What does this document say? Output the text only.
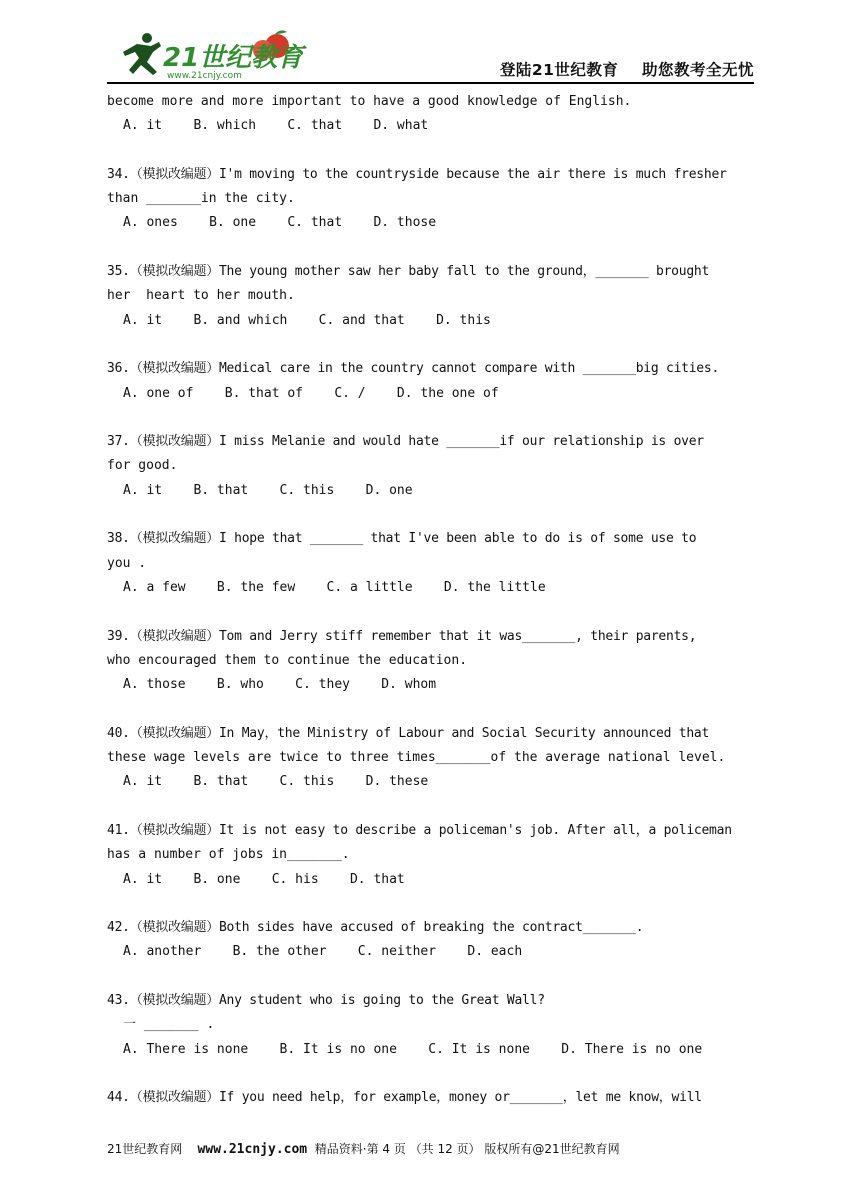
21世纪教育
www.21cnjy.com	登陆21世纪教育    助您教考全无忧
become more and more important to have a good knowledge of English.
A. it    B. which    C. that    D. what
34.（模拟改编题）I'm moving to the countryside because the air there is much fresher
than _______in the city.
A. ones    B. one    C. that    D. those
35.（模拟改编题）The young mother saw her baby fall to the ground，_______ brought
her  heart to her mouth.
A. it    B. and which    C. and that    D. this
36.（模拟改编题）Medical care in the country cannot compare with _______big cities.
A. one of    B. that of    C. /    D. the one of
37.（模拟改编题）I miss Melanie and would hate _______if our relationship is over
for good.
A. it    B. that    C. this    D. one
38.（模拟改编题）I hope that _______ that I've been able to do is of some use to
you .
A. a few    B. the few    C. a little    D. the little
39.（模拟改编题）Tom and Jerry stiff remember that it was_______, their parents,
who encouraged them to continue the education.
A. those    B. who    C. they    D. whom
40.（模拟改编题）In May，the Ministry of Labour and Social Security announced that
these wage levels are twice to three times_______of the average national level.
A. it    B. that    C. this    D. these
41.（模拟改编题）It is not easy to describe a policeman's job. After all，a policeman
has a number of jobs in_______.
A. it    B. one    C. his    D. that
42.（模拟改编题）Both sides have accused of breaking the contract_______.
A. another    B. the other    C. neither    D. each
43.（模拟改编题）Any student who is going to the Great Wall?
一 _______ .
A. There is none    B. It is no one    C. It is none    D. There is no one
44.（模拟改编题）If you need help，for example，money or_______，let me know，will
21世纪教育网 www.21cnjy.com 精品资料·第 4 页 （共 12 页） 版权所有@21世纪教育网
